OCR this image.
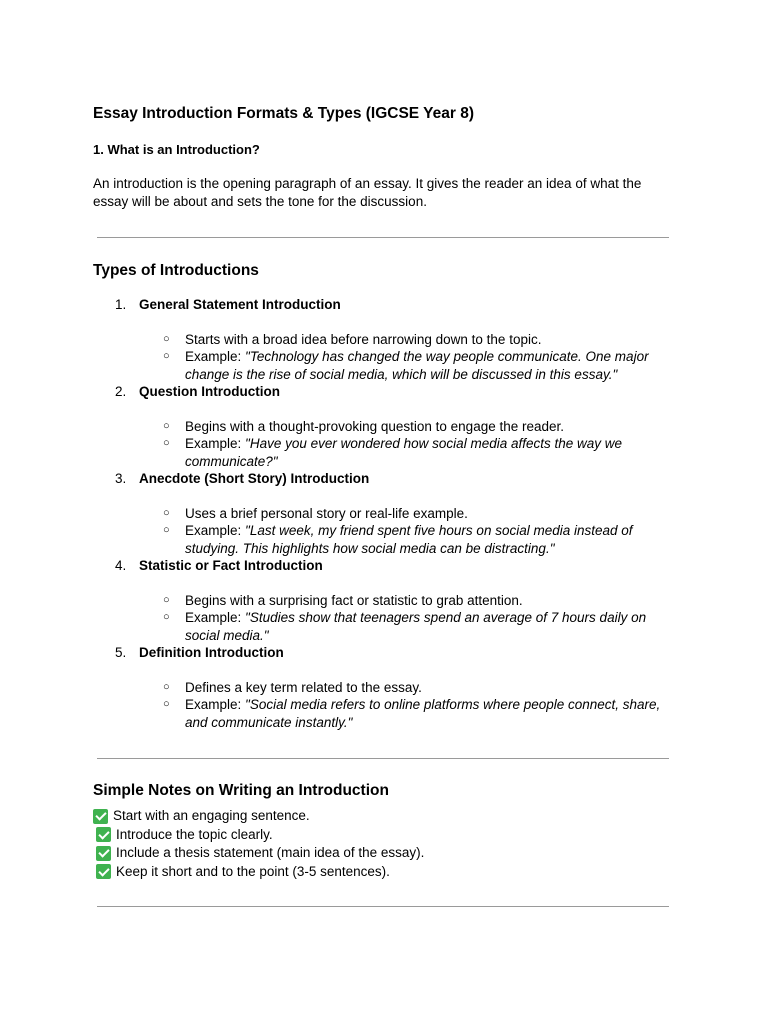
Essay Introduction Formats & Types (IGCSE Year 8)
1. What is an Introduction?

An introduction is the opening paragraph of an essay. It gives the reader an idea of what the essay will be about and sets the tone for the discussion.

Types of Introductions
1. General Statement Introduction
○ Starts with a broad idea before narrowing down to the topic.
○ Example: "Technology has changed the way people communicate. One major change is the rise of social media, which will be discussed in this essay."
2. Question Introduction
○ Begins with a thought-provoking question to engage the reader.
○ Example: "Have you ever wondered how social media affects the way we communicate?"
3. Anecdote (Short Story) Introduction
○ Uses a brief personal story or real-life example.
○ Example: "Last week, my friend spent five hours on social media instead of studying. This highlights how social media can be distracting."
4. Statistic or Fact Introduction
○ Begins with a surprising fact or statistic to grab attention.
○ Example: "Studies show that teenagers spend an average of 7 hours daily on social media."
5. Definition Introduction
○ Defines a key term related to the essay.
○ Example: "Social media refers to online platforms where people connect, share, and communicate instantly."
Simple Notes on Writing an Introduction
Start with an engaging sentence.
Introduce the topic clearly.
Include a thesis statement (main idea of the essay).
Keep it short and to the point (3-5 sentences).
